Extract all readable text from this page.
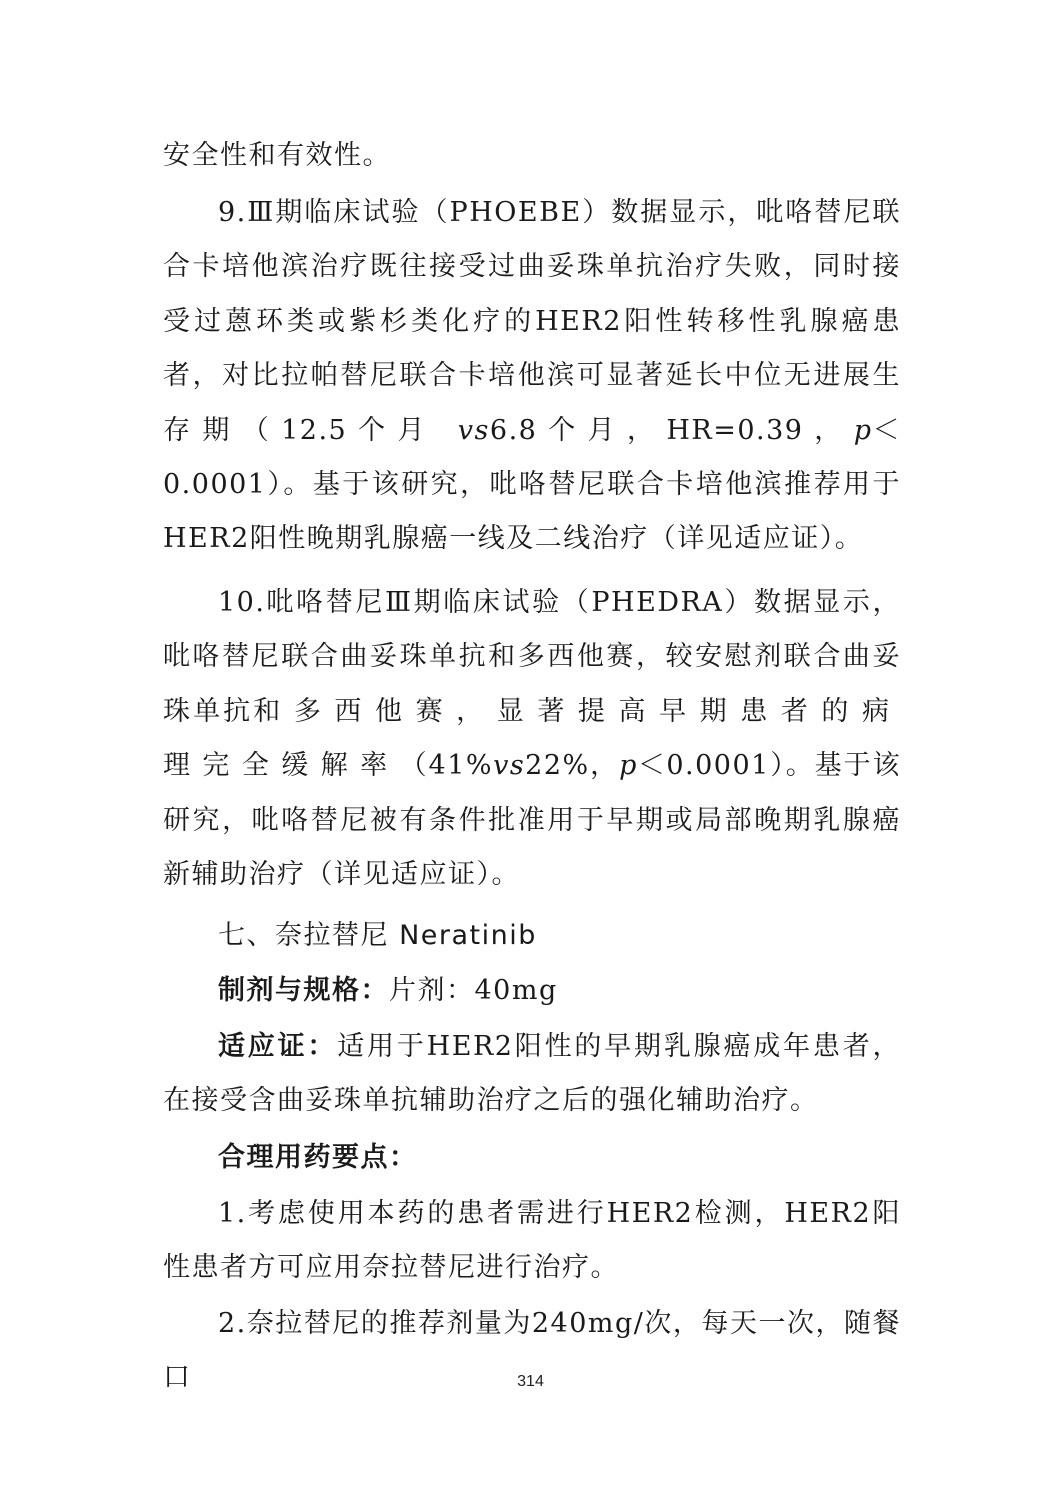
安全性和有效性。

9.Ⅲ期临床试验（PHOEBE）数据显示，吡咯替尼联合卡培他滨治疗既往接受过曲妥珠单抗治疗失败，同时接受过蒽环类或紫杉类化疗的HER2阳性转移性乳腺癌患者，对比拉帕替尼联合卡培他滨可显著延长中位无进展生存期（12.5个月 vs6.8个月，HR=0.39，p＜0.0001）。基于该研究，吡咯替尼联合卡培他滨推荐用于HER2阳性晚期乳腺癌一线及二线治疗（详见适应证）。

10.吡咯替尼Ⅲ期临床试验（PHEDRA）数据显示，吡咯替尼联合曲妥珠单抗和多西他赛，较安慰剂联合曲妥珠单抗和多西他赛，显著提高早期患者的病理完全缓解率（41%vs22%，p＜0.0001）。基于该研究，吡咯替尼被有条件批准用于早期或局部晚期乳腺癌新辅助治疗（详见适应证）。

七、奈拉替尼 Neratinib

制剂与规格：片剂：40mg

适应证：适用于HER2阳性的早期乳腺癌成年患者，在接受含曲妥珠单抗辅助治疗之后的强化辅助治疗。

合理用药要点：

1.考虑使用本药的患者需进行HER2检测，HER2阳性患者方可应用奈拉替尼进行治疗。

2.奈拉替尼的推荐剂量为240mg/次，每天一次，随餐口	314
